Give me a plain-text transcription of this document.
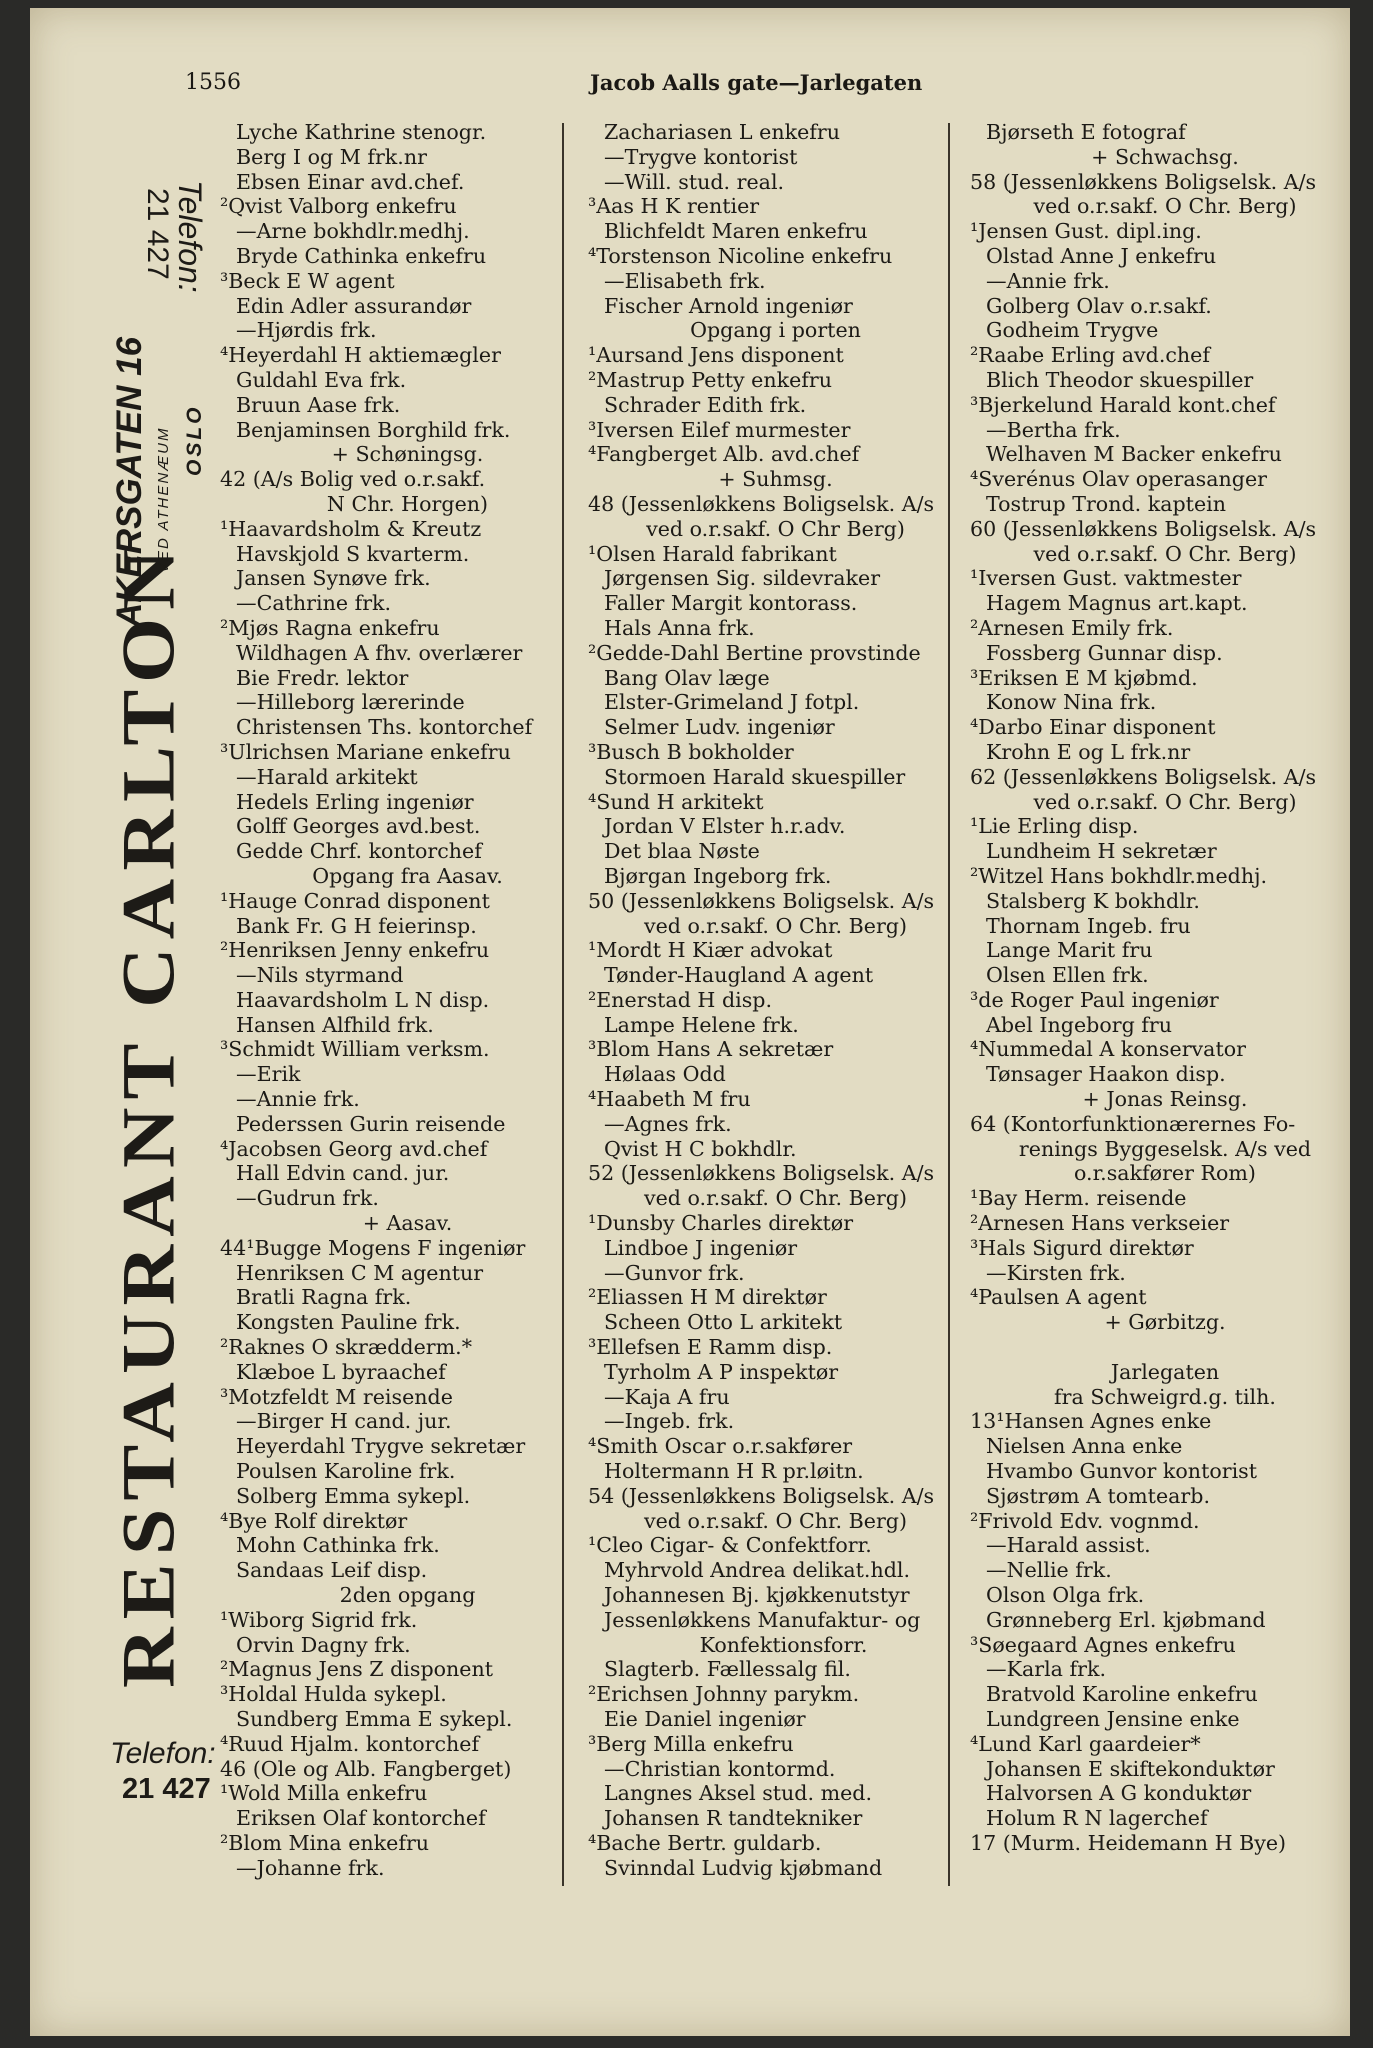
1556	Jacob Aalls gate—Jarlegaten
RESTAURANT CARLTON
AKERSGATEN 16 VED ATHENÆUM OSLO
Telefon:
21 427
Telefon:
21 427
Lyche Kathrine stenogr.
Berg I og M frk.nr
Ebsen Einar avd.chef.
²Qvist Valborg enkefru
—Arne bokhdlr.medhj.
Bryde Cathinka enkefru
³Beck E W agent
Edin Adler assurandør
—Hjørdis frk.
⁴Heyerdahl H aktiemægler
Guldahl Eva frk.
Bruun Aase frk.
Benjaminsen Borghild frk.
+ Schøningsg.
42 (A/s Bolig ved o.r.sakf.
N Chr. Horgen)
¹Haavardsholm & Kreutz
Havskjold S kvarterm.
Jansen Synøve frk.
—Cathrine frk.
²Mjøs Ragna enkefru
Wildhagen A fhv. overlærer
Bie Fredr. lektor
—Hilleborg lærerinde
Christensen Ths. kontorchef
³Ulrichsen Mariane enkefru
—Harald arkitekt
Hedels Erling ingeniør
Golff Georges avd.best.
Gedde Chrf. kontorchef
Opgang fra Aasav.
¹Hauge Conrad disponent
Bank Fr. G H feierinsp.
²Henriksen Jenny enkefru
—Nils styrmand
Haavardsholm L N disp.
Hansen Alfhild frk.
³Schmidt William verksm.
—Erik
—Annie frk.
Pederssen Gurin reisende
⁴Jacobsen Georg avd.chef
Hall Edvin cand. jur.
—Gudrun frk.
+ Aasav.
44¹Bugge Mogens F ingeniør
Henriksen C M agentur
Bratli Ragna frk.
Kongsten Pauline frk.
²Raknes O skrædderm.*
Klæboe L byraachef
³Motzfeldt M reisende
—Birger H cand. jur.
Heyerdahl Trygve sekretær
Poulsen Karoline frk.
Solberg Emma sykepl.
⁴Bye Rolf direktør
Mohn Cathinka frk.
Sandaas Leif disp.
2den opgang
¹Wiborg Sigrid frk.
Orvin Dagny frk.
²Magnus Jens Z disponent
³Holdal Hulda sykepl.
Sundberg Emma E sykepl.
⁴Ruud Hjalm. kontorchef
46 (Ole og Alb. Fangberget)
¹Wold Milla enkefru
Eriksen Olaf kontorchef
²Blom Mina enkefru
—Johanne frk.
Zachariasen L enkefru
—Trygve kontorist
—Will. stud. real.
³Aas H K rentier
Blichfeldt Maren enkefru
⁴Torstenson Nicoline enkefru
—Elisabeth frk.
Fischer Arnold ingeniør
Opgang i porten
¹Aursand Jens disponent
²Mastrup Petty enkefru
Schrader Edith frk.
³Iversen Eilef murmester
⁴Fangberget Alb. avd.chef
+ Suhmsg.
48 (Jessenløkkens Boligselsk. A/s
ved o.r.sakf. O Chr Berg)
¹Olsen Harald fabrikant
Jørgensen Sig. sildevraker
Faller Margit kontorass.
Hals Anna frk.
²Gedde-Dahl Bertine provstinde
Bang Olav læge
Elster-Grimeland J fotpl.
Selmer Ludv. ingeniør
³Busch B bokholder
Stormoen Harald skuespiller
⁴Sund H arkitekt
Jordan V Elster h.r.adv.
Det blaa Nøste
Bjørgan Ingeborg frk.
50 (Jessenløkkens Boligselsk. A/s
ved o.r.sakf. O Chr. Berg)
¹Mordt H Kiær advokat
Tønder-Haugland A agent
²Enerstad H disp.
Lampe Helene frk.
³Blom Hans A sekretær
Hølaas Odd
⁴Haabeth M fru
—Agnes frk.
Qvist H C bokhdlr.
52 (Jessenløkkens Boligselsk. A/s
ved o.r.sakf. O Chr. Berg)
¹Dunsby Charles direktør
Lindboe J ingeniør
—Gunvor frk.
²Eliassen H M direktør
Scheen Otto L arkitekt
³Ellefsen E Ramm disp.
Tyrholm A P inspektør
—Kaja A fru
—Ingeb. frk.
⁴Smith Oscar o.r.sakfører
Holtermann H R pr.løitn.
54 (Jessenløkkens Boligselsk. A/s
ved o.r.sakf. O Chr. Berg)
¹Cleo Cigar- & Confektforr.
Myhrvold Andrea delikat.hdl.
Johannesen Bj. kjøkkenutstyr
Jessenløkkens Manufaktur- og
Konfektionsforr.
Slagterb. Fællessalg fil.
²Erichsen Johnny parykm.
Eie Daniel ingeniør
³Berg Milla enkefru
—Christian kontormd.
Langnes Aksel stud. med.
Johansen R tandtekniker
⁴Bache Bertr. guldarb.
Svinndal Ludvig kjøbmand
Bjørseth E fotograf
+ Schwachsg.
58 (Jessenløkkens Boligselsk. A/s
ved o.r.sakf. O Chr. Berg)
¹Jensen Gust. dipl.ing.
Olstad Anne J enkefru
—Annie frk.
Golberg Olav o.r.sakf.
Godheim Trygve
²Raabe Erling avd.chef
Blich Theodor skuespiller
³Bjerkelund Harald kont.chef
—Bertha frk.
Welhaven M Backer enkefru
⁴Sverénus Olav operasanger
Tostrup Trond. kaptein
60 (Jessenløkkens Boligselsk. A/s
ved o.r.sakf. O Chr. Berg)
¹Iversen Gust. vaktmester
Hagem Magnus art.kapt.
²Arnesen Emily frk.
Fossberg Gunnar disp.
³Eriksen E M kjøbmd.
Konow Nina frk.
⁴Darbo Einar disponent
Krohn E og L frk.nr
62 (Jessenløkkens Boligselsk. A/s
ved o.r.sakf. O Chr. Berg)
¹Lie Erling disp.
Lundheim H sekretær
²Witzel Hans bokhdlr.medhj.
Stalsberg K bokhdlr.
Thornam Ingeb. fru
Lange Marit fru
Olsen Ellen frk.
³de Roger Paul ingeniør
Abel Ingeborg fru
⁴Nummedal A konservator
Tønsager Haakon disp.
+ Jonas Reinsg.
64 (Kontorfunktionærernes Fo-
renings Byggeselsk. A/s ved
o.r.sakfører Rom)
¹Bay Herm. reisende
²Arnesen Hans verkseier
³Hals Sigurd direktør
—Kirsten frk.
⁴Paulsen A agent
+ Gørbitzg.
Jarlegaten
fra Schweigrd.g. tilh.
13¹Hansen Agnes enke
Nielsen Anna enke
Hvambo Gunvor kontorist
Sjøstrøm A tomtearb.
²Frivold Edv. vognmd.
—Harald assist.
—Nellie frk.
Olson Olga frk.
Grønneberg Erl. kjøbmand
³Søegaard Agnes enkefru
—Karla frk.
Bratvold Karoline enkefru
Lundgreen Jensine enke
⁴Lund Karl gaardeier*
Johansen E skiftekonduktør
Halvorsen A G konduktør
Holum R N lagerchef
17 (Murm. Heidemann H Bye)
